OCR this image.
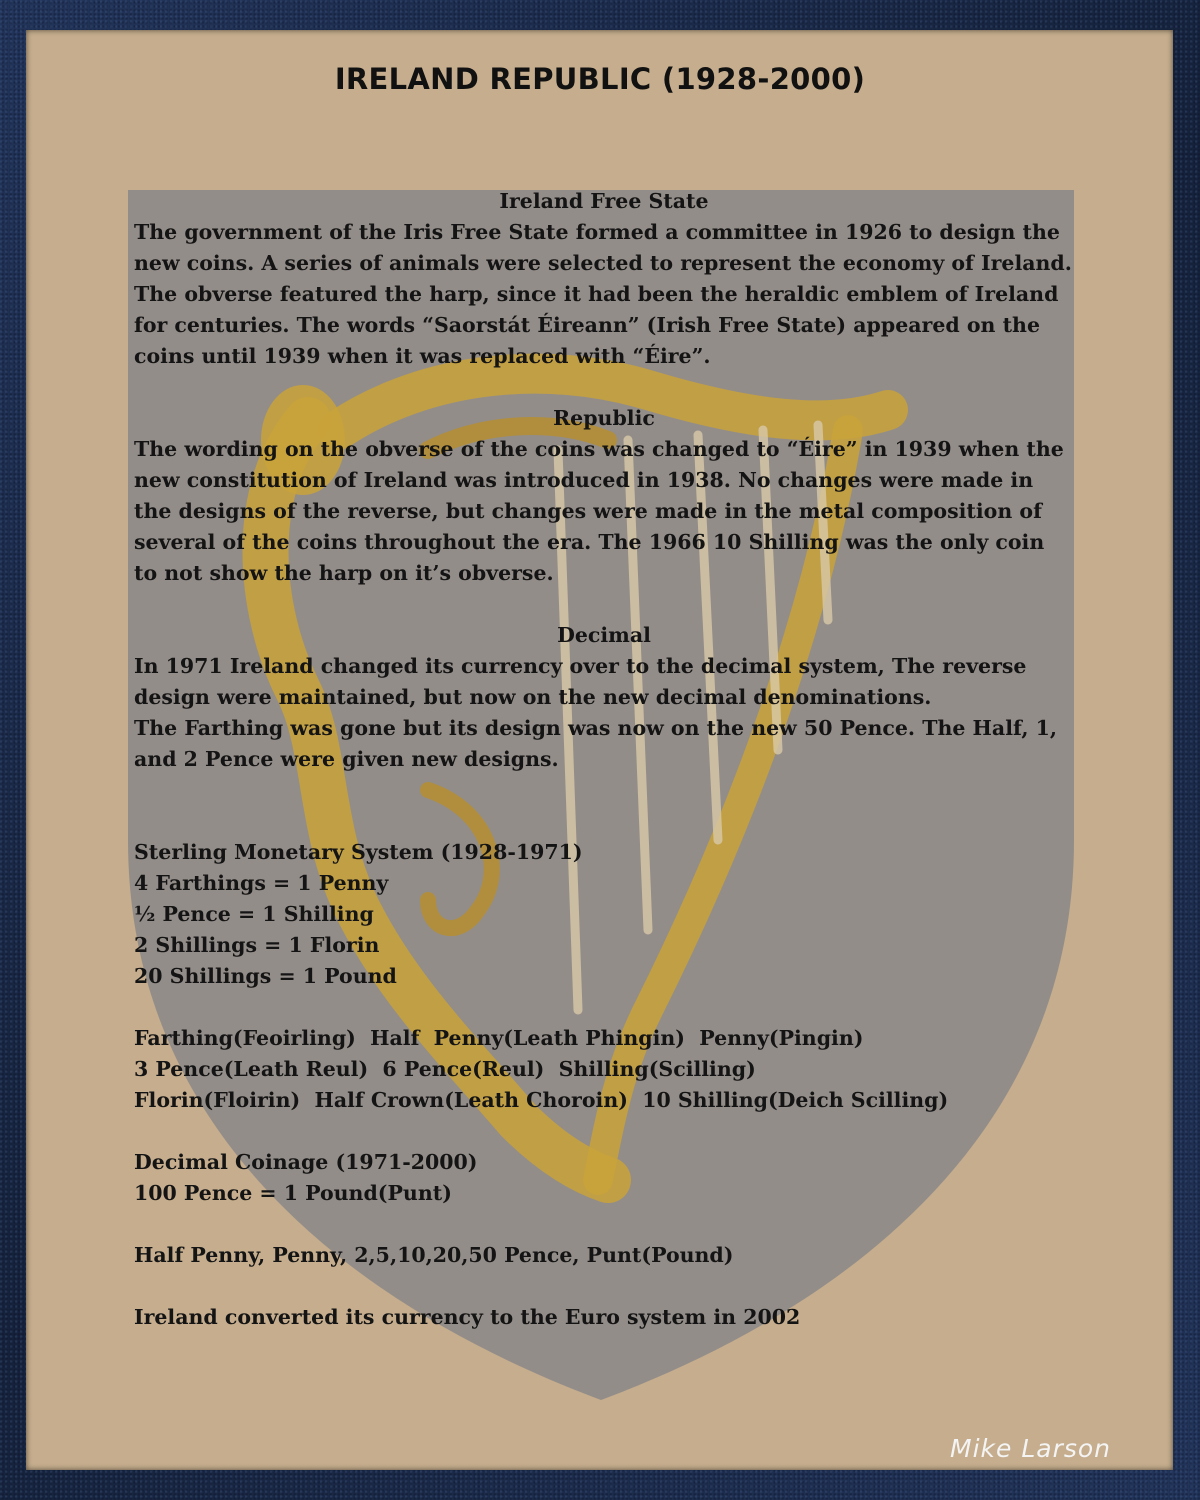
IRELAND REPUBLIC (1928-2000)

Ireland Free State

The government of the Iris Free State formed a committee in 1926 to design the new coins. A series of animals were selected to represent the economy of Ireland. The obverse featured the harp, since it had been the heraldic emblem of Ireland for centuries. The words “Saorstát Éireann” (Irish Free State) appeared on the coins until 1939 when it was replaced with “Éire”.

Republic

The wording on the obverse of the coins was changed to “Éire” in 1939 when the new constitution of Ireland was introduced in 1938. No changes were made in the designs of the reverse, but changes were made in the metal composition of several of the coins throughout the era. The 1966 10 Shilling was the only coin to not show the harp on it’s obverse.

Decimal

In 1971 Ireland changed its currency over to the decimal system, The reverse design were maintained, but now on the new decimal denominations.

The Farthing was gone but its design was now on the new 50 Pence. The Half, 1, and 2 Pence were given new designs.

Sterling Monetary System (1928-1971)

4 Farthings = 1 Penny

½ Pence = 1 Shilling

2 Shillings = 1 Florin

20 Shillings = 1 Pound

Farthing(Feoirling)  Half  Penny(Leath Phingin)  Penny(Pingin)

3 Pence(Leath Reul)  6 Pence(Reul)  Shilling(Scilling)

Florin(Floirin)  Half Crown(Leath Choroin)  10 Shilling(Deich Scilling)

Decimal Coinage (1971-2000)

100 Pence = 1 Pound(Punt)

Half Penny, Penny, 2,5,10,20,50 Pence, Punt(Pound)

Ireland converted its currency to the Euro system in 2002

Mike Larson
